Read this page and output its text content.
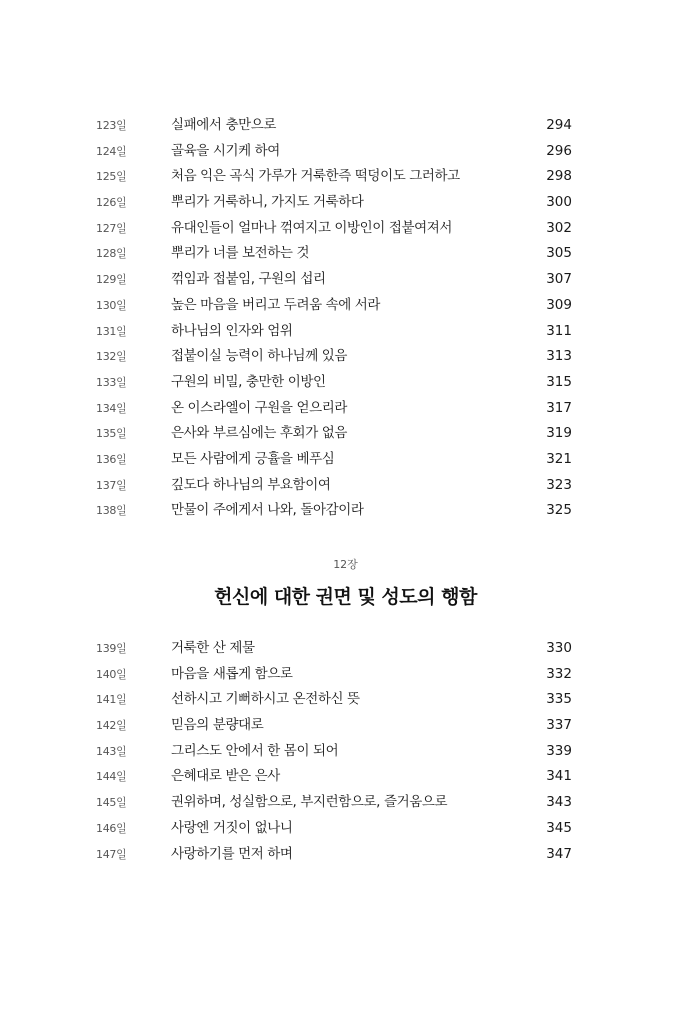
123일	실패에서 충만으로	294
124일	골육을 시기케 하여	296
125일	처음 익은 곡식 가루가 거룩한즉 떡덩이도 그러하고	298
126일	뿌리가 거룩하니, 가지도 거룩하다	300
127일	유대인들이 얼마나 꺾여지고 이방인이 접붙여져서	302
128일	뿌리가 너를 보전하는 것	305
129일	꺾임과 접붙임, 구원의 섭리	307
130일	높은 마음을 버리고 두려움 속에 서라	309
131일	하나님의 인자와 엄위	311
132일	접붙이실 능력이 하나님께 있음	313
133일	구원의 비밀, 충만한 이방인	315
134일	온 이스라엘이 구원을 얻으리라	317
135일	은사와 부르심에는 후회가 없음	319
136일	모든 사람에게 긍휼을 베푸심	321
137일	깊도다 하나님의 부요함이여	323
138일	만물이 주에게서 나와, 돌아감이라	325
12장
헌신에 대한 권면 및 성도의 행함
139일	거룩한 산 제물	330
140일	마음을 새롭게 함으로	332
141일	선하시고 기뻐하시고 온전하신 뜻	335
142일	믿음의 분량대로	337
143일	그리스도 안에서 한 몸이 되어	339
144일	은혜대로 받은 은사	341
145일	권위하며, 성실함으로, 부지런함으로, 즐거움으로	343
146일	사랑엔 거짓이 없나니	345
147일	사랑하기를 먼저 하며	347
